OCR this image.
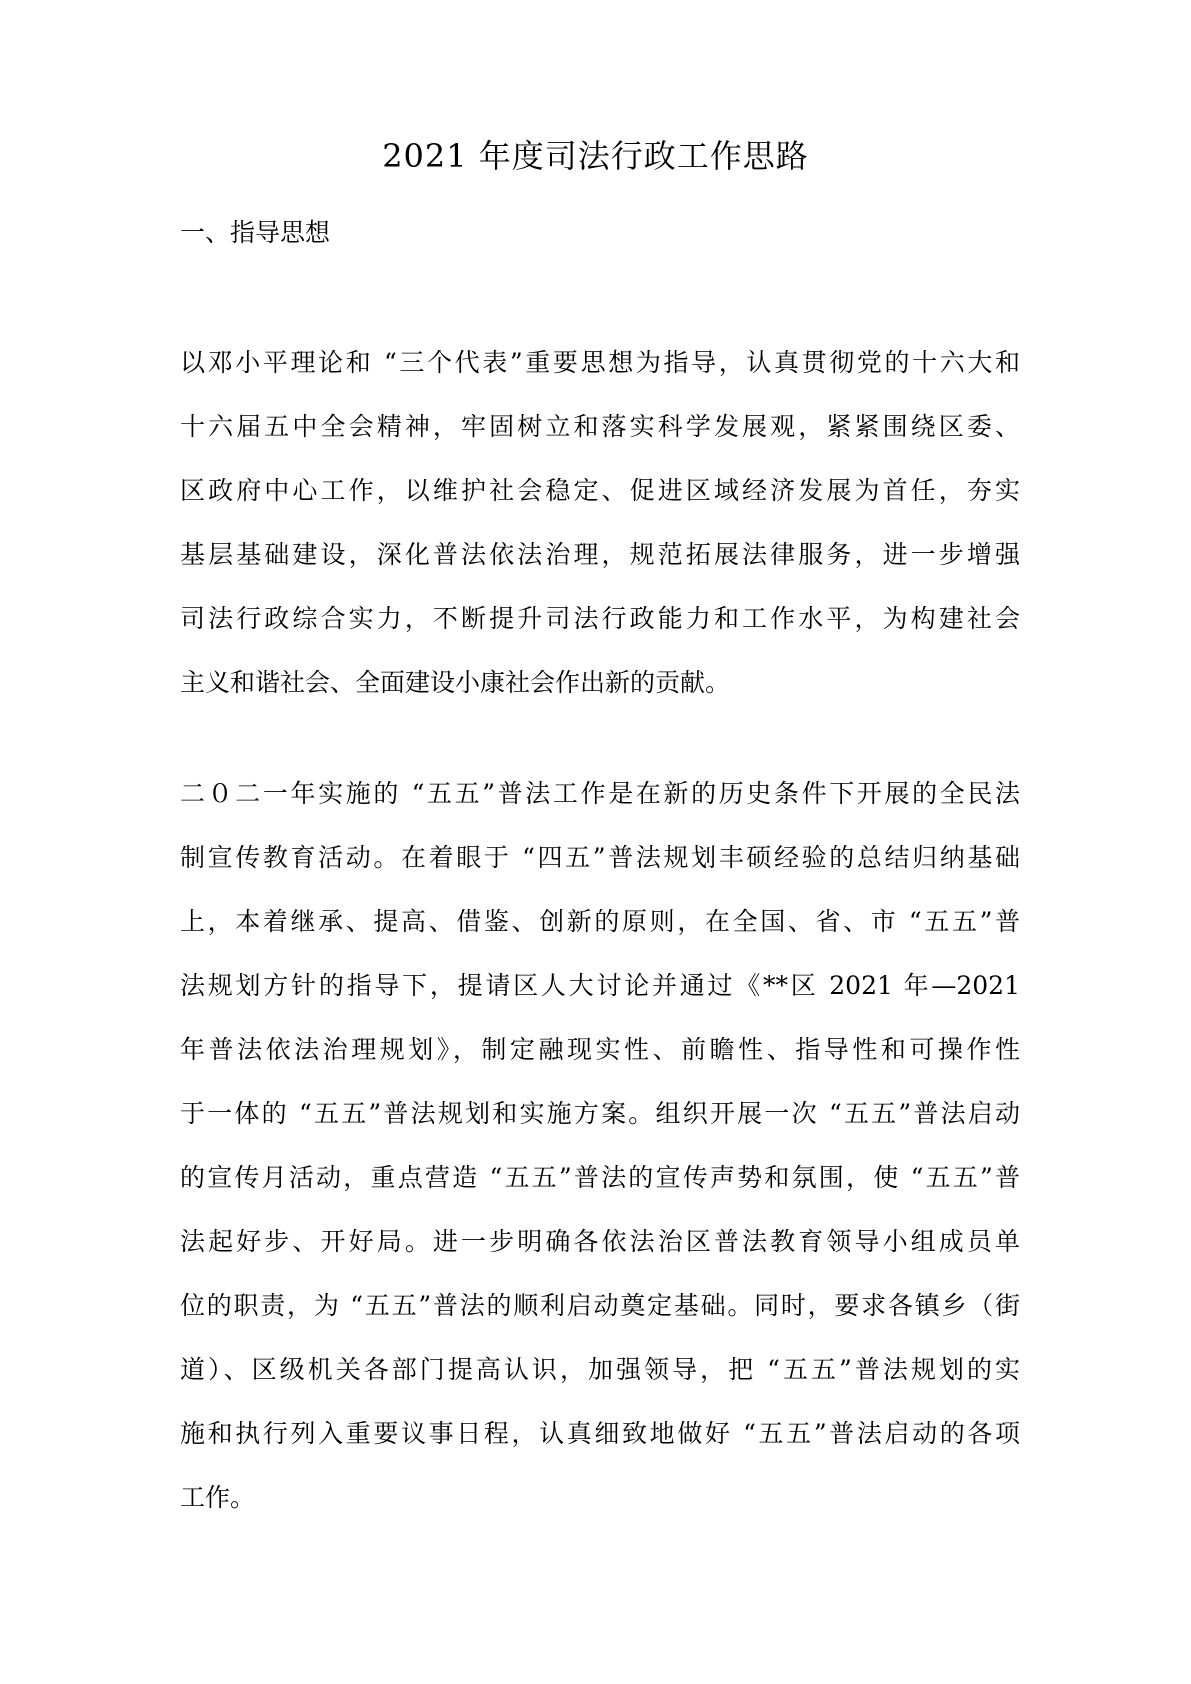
2021 年度司法行政工作思路
一、指导思想
以邓小平理论和 “三个代表”重要思想为指导，认真贯彻党的十六大和
十六届五中全会精神，牢固树立和落实科学发展观，紧紧围绕区委、
区政府中心工作，以维护社会稳定、促进区域经济发展为首任，夯实
基层基础建设，深化普法依法治理，规范拓展法律服务，进一步增强
司法行政综合实力，不断提升司法行政能力和工作水平，为构建社会
主义和谐社会、全面建设小康社会作出新的贡献。
二０二一年实施的 “五五”普法工作是在新的历史条件下开展的全民法
制宣传教育活动。在着眼于 “四五”普法规划丰硕经验的总结归纳基础
上，本着继承、提高、借鉴、创新的原则，在全国、省、市 “五五”普
法规划方针的指导下，提请区人大讨论并通过《**区 2021 年—2021
年普法依法治理规划》，制定融现实性、前瞻性、指导性和可操作性
于一体的 “五五”普法规划和实施方案。组织开展一次 “五五”普法启动
的宣传月活动，重点营造 “五五”普法的宣传声势和氛围，使 “五五”普
法起好步、开好局。进一步明确各依法治区普法教育领导小组成员单
位的职责，为 “五五”普法的顺利启动奠定基础。同时，要求各镇乡（街
道）、区级机关各部门提高认识，加强领导，把 “五五”普法规划的实
施和执行列入重要议事日程，认真细致地做好 “五五”普法启动的各项
工作。
